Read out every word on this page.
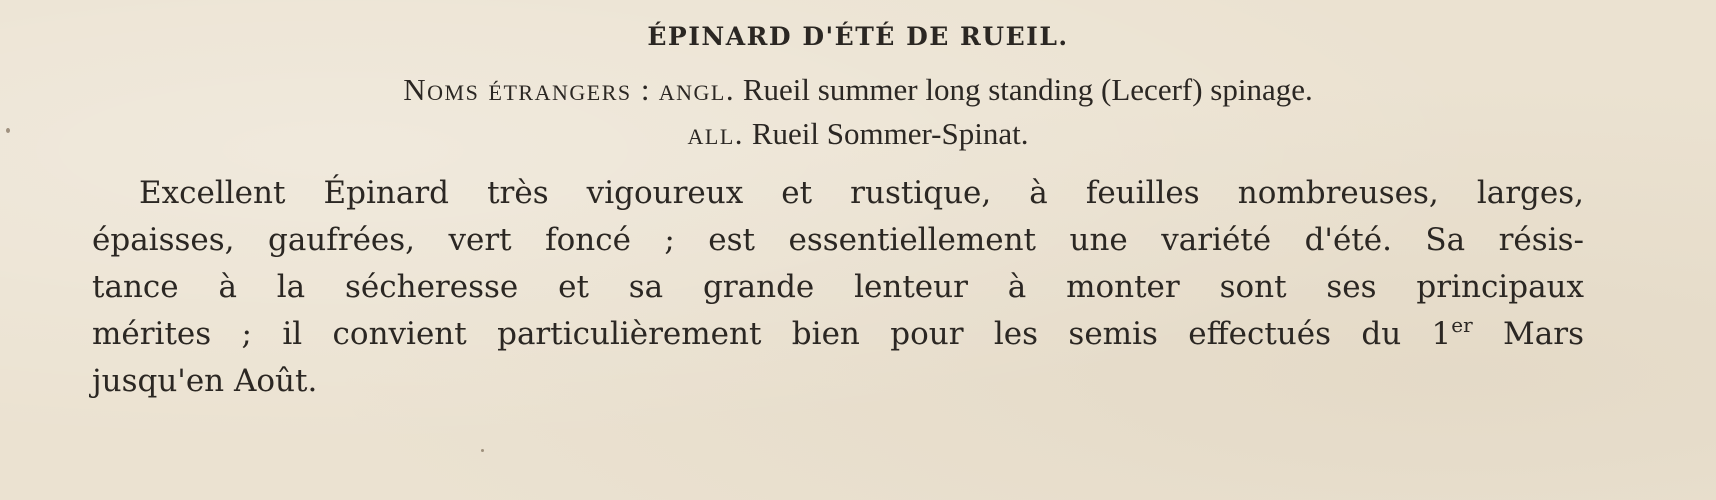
ÉPINARD D'ÉTÉ DE RUEIL.
Noms étrangers : angl. Rueil summer long standing (Lecerf) spinage.
all. Rueil Sommer-Spinat.
Excellent Épinard très vigoureux et rustique, à feuilles nombreuses, larges,
épaisses, gaufrées, vert foncé ; est essentiellement une variété d'été. Sa résis-
tance à la sécheresse et sa grande lenteur à monter sont ses principaux
mérites ; il convient particulièrement bien pour les semis effectués du 1er Mars
jusqu'en Août.
